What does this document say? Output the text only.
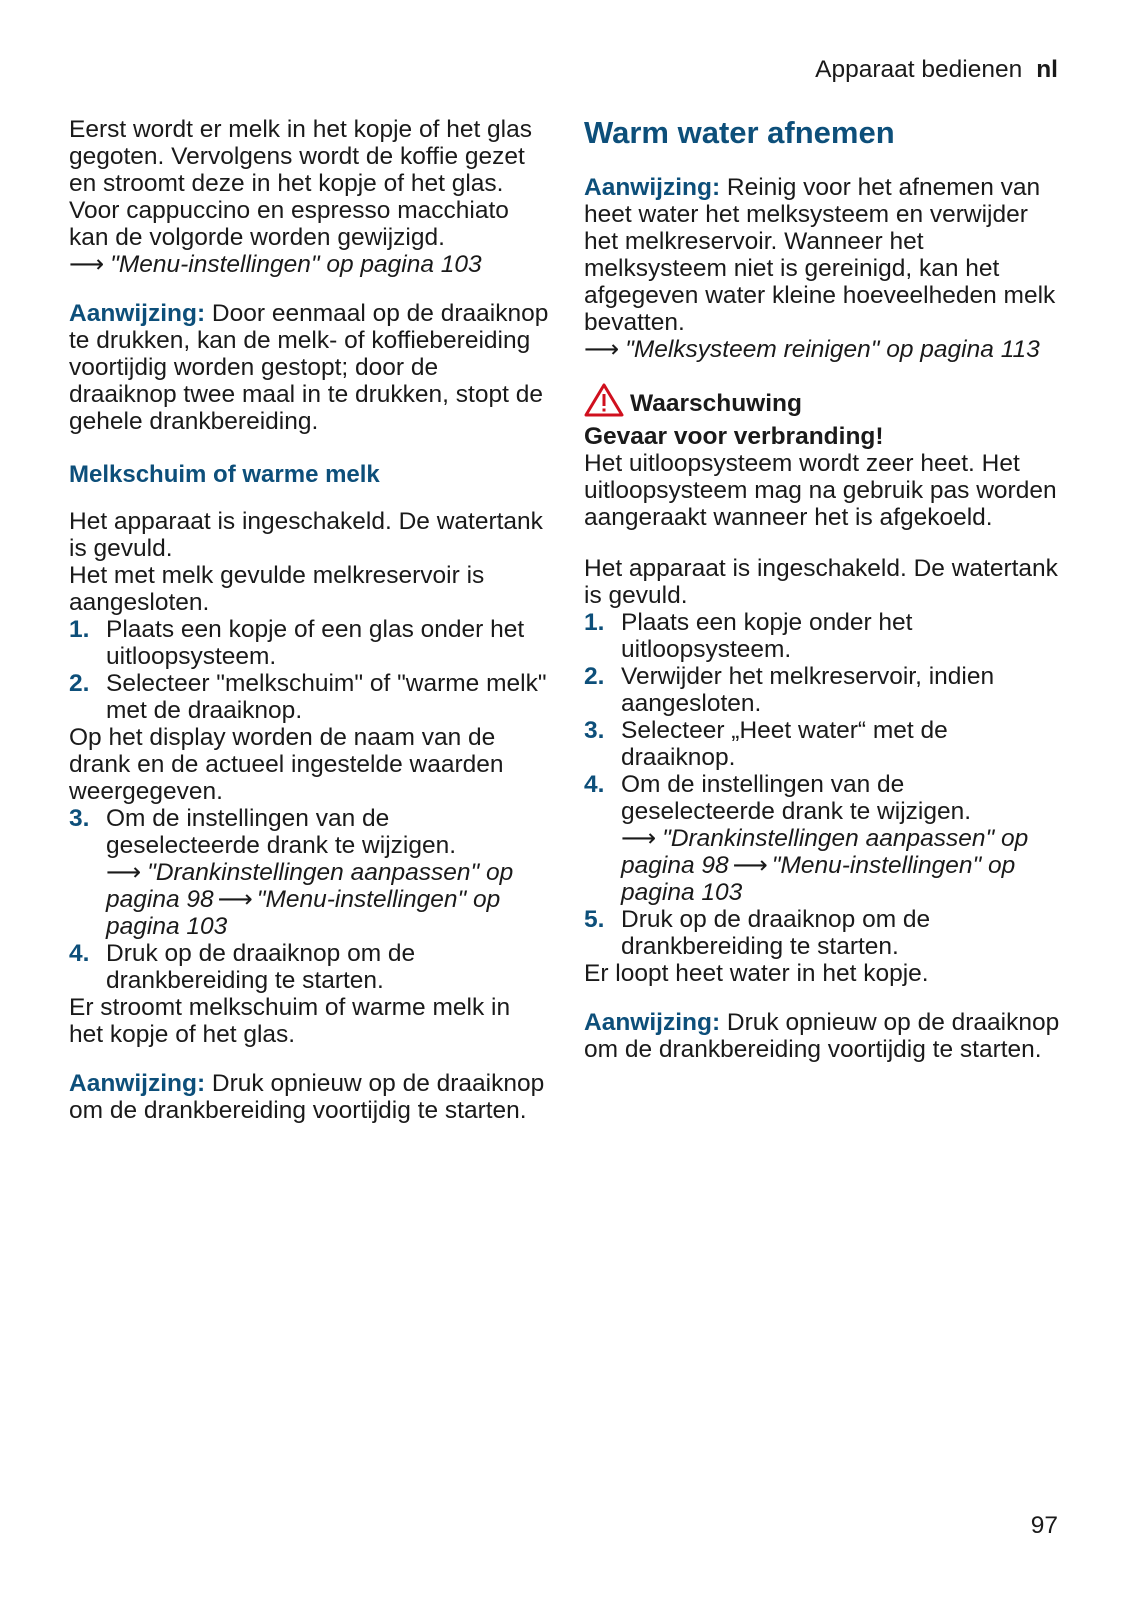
Apparaat bedienen nl

Eerst wordt er melk in het kopje of het glas gegoten. Vervolgens wordt de koffie gezet en stroomt deze in het kopje of het glas. Voor cappuccino en espresso macchiato kan de volgorde worden gewijzigd.

⟶ "Menu-instellingen" op pagina 103

Aanwijzing: Door eenmaal op de draaiknop te drukken, kan de melk- of koffiebereiding voortijdig worden gestopt; door de draaiknop twee maal in te drukken, stopt de gehele drankbereiding.

Melkschuim of warme melk

Het apparaat is ingeschakeld. De watertank is gevuld.

Het met melk gevulde melkreservoir is aangesloten.

1. Plaats een kopje of een glas onder het uitloopsysteem.
2. Selecteer "melkschuim" of "warme melk" met de draaiknop.

Op het display worden de naam van de drank en de actueel ingestelde waarden weergegeven.

3. Om de instellingen van de geselecteerde drank te wijzigen.
⟶ "Drankinstellingen aanpassen" op pagina 98 ⟶ "Menu-instellingen" op pagina 103
4. Druk op de draaiknop om de drankbereiding te starten.

Er stroomt melkschuim of warme melk in het kopje of het glas.

Aanwijzing: Druk opnieuw op de draaiknop om de drankbereiding voortijdig te starten.

Warm water afnemen

Aanwijzing: Reinig voor het afnemen van heet water het melksysteem en verwijder het melkreservoir. Wanneer het melksysteem niet is gereinigd, kan het afgegeven water kleine hoeveelheden melk bevatten.

⟶ "Melksysteem reinigen" op pagina 113

Waarschuwing

Gevaar voor verbranding!

Het uitloopsysteem wordt zeer heet. Het uitloopsysteem mag na gebruik pas worden aangeraakt wanneer het is afgekoeld.

Het apparaat is ingeschakeld. De watertank is gevuld.

1. Plaats een kopje onder het uitloopsysteem.
2. Verwijder het melkreservoir, indien aangesloten.
3. Selecteer „Heet water“ met de draaiknop.
4. Om de instellingen van de geselecteerde drank te wijzigen.
⟶ "Drankinstellingen aanpassen" op pagina 98 ⟶ "Menu-instellingen" op pagina 103
5. Druk op de draaiknop om de drankbereiding te starten.

Er loopt heet water in het kopje.

Aanwijzing: Druk opnieuw op de draaiknop om de drankbereiding voortijdig te starten.

97
